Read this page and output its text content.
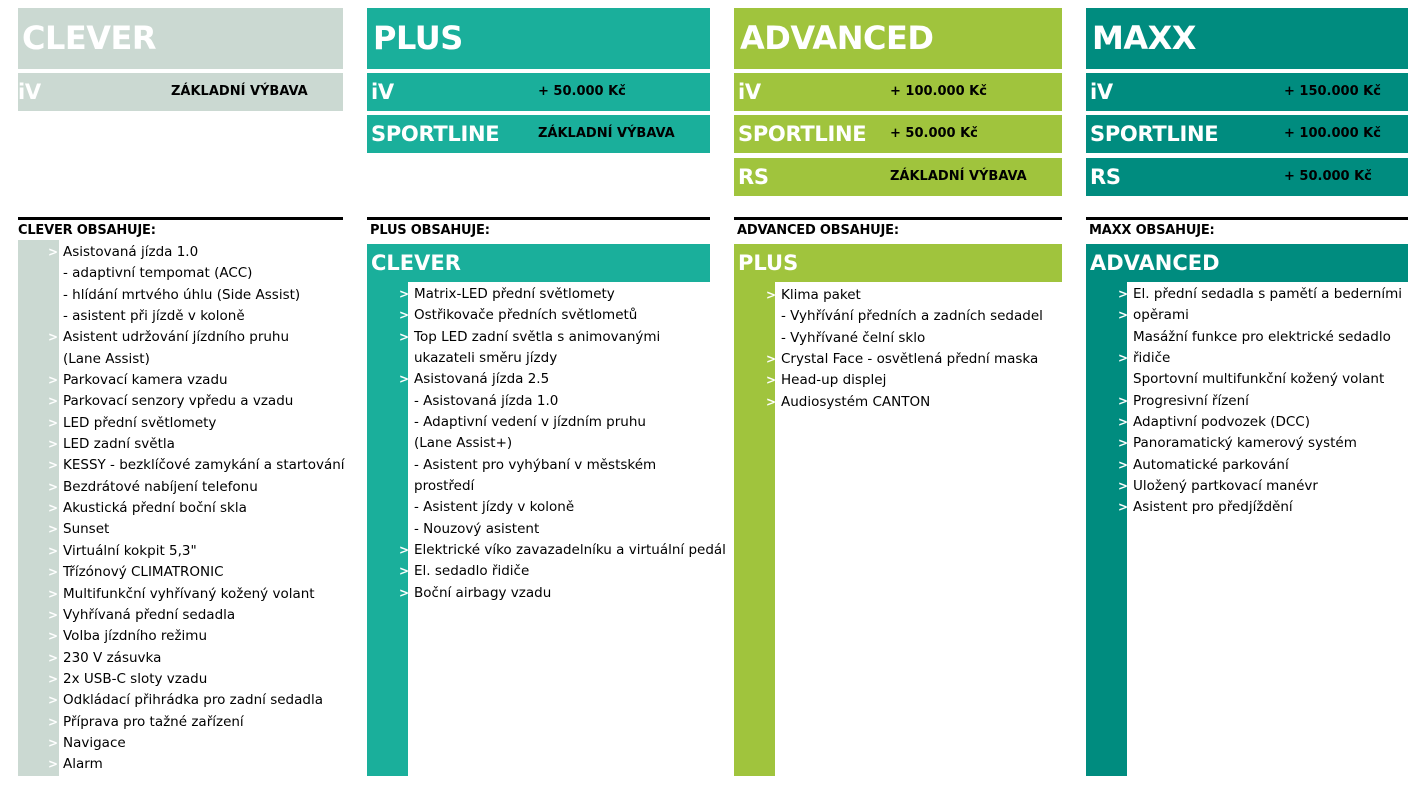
CLEVER
iV	ZÁKLADNÍ VÝBAVA
CLEVER OBSAHUJE:
> Asistovaná jízda 1.0
- adaptivní tempomat (ACC)
- hlídání mrtvého úhlu (Side Assist)
- asistent při jízdě v koloně
> Asistent udržování jízdního pruhu
(Lane Assist)
> Parkovací kamera vzadu
> Parkovací senzory vpředu a vzadu
> LED přední světlomety
> LED zadní světla
> KESSY - bezklíčové zamykání a startování
> Bezdrátové nabíjení telefonu
> Akustická přední boční skla
> Sunset
> Virtuální kokpit 5,3"
> Třízónový CLIMATRONIC
> Multifunkční vyhřívaný kožený volant
> Vyhřívaná přední sedadla
> Volba jízdního režimu
> 230 V zásuvka
> 2x USB-C sloty vzadu
> Odkládací přihrádka pro zadní sedadla
> Příprava pro tažné zařízení
> Navigace
> Alarm
PLUS
iV	+ 50.000 Kč
SPORTLINE	ZÁKLADNÍ VÝBAVA
PLUS OBSAHUJE:
CLEVER
> Matrix-LED přední světlomety
> Ostřikovače předních světlometů
> Top LED zadní světla s animovanými
ukazateli směru jízdy
> Asistovaná jízda 2.5
- Asistovaná jízda 1.0
- Adaptivní vedení v jízdním pruhu
(Lane Assist+)
- Asistent pro vyhýbaní v městském
prostředí
- Asistent jízdy v koloně
- Nouzový asistent
> Elektrické víko zavazadelníku a virtuální pedál
> El. sedadlo řidiče
> Boční airbagy vzadu
ADVANCED
iV	+ 100.000 Kč
SPORTLINE + 50.000 Kč
RS	ZÁKLADNÍ VÝBAVA
ADVANCED OBSAHUJE:
PLUS
> Klima paket
- Vyhřívání předních a zadních sedadel
- Vyhřívané čelní sklo
> Crystal Face - osvětlená přední maska
> Head-up displej
> Audiosystém CANTON
MAXX
iV	+ 150.000 Kč
SPORTLINE	+ 100.000 Kč
RS	+ 50.000 Kč
MAXX OBSAHUJE:
ADVANCED
> El. přední sedadla s pamětí a bederními
> opěrami
Masážní funkce pro elektrické sedadlo
> řidiče
Sportovní multifunkční kožený volant
> Progresivní řízení
> Adaptivní podvozek (DCC)
> Panoramatický kamerový systém
> Automatické parkování
> Uložený partkovací manévr
> Asistent pro předjíždění
